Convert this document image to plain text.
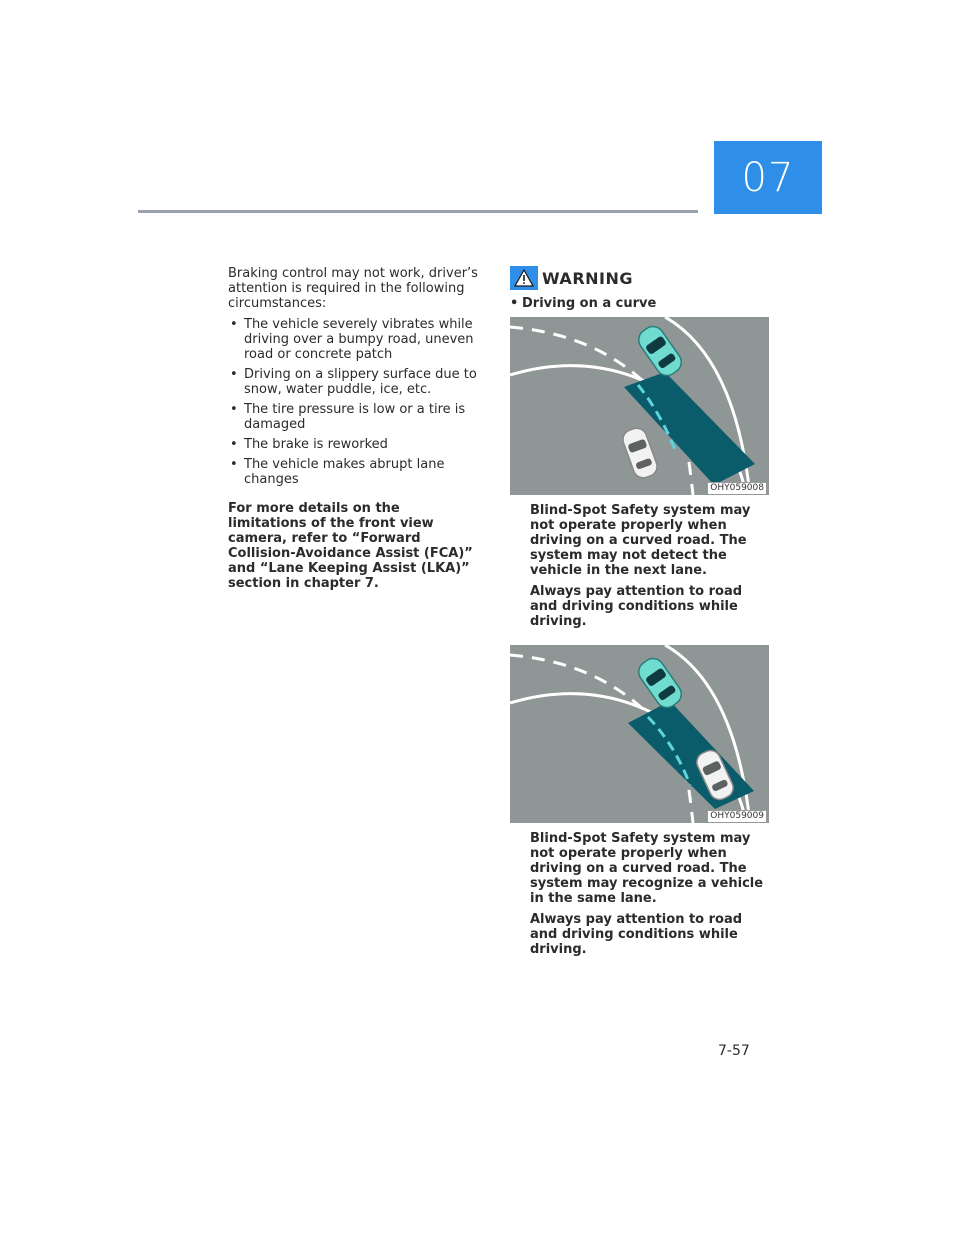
07

Braking control may not work, driver’s attention is required in the following circumstances:

• The vehicle severely vibrates while driving over a bumpy road, uneven road or concrete patch
• Driving on a slippery surface due to snow, water puddle, ice, etc.
• The tire pressure is low or a tire is damaged
• The brake is reworked
• The vehicle makes abrupt lane changes

For more details on the limitations of the front view camera, refer to “Forward Collision-Avoidance Assist (FCA)” and “Lane Keeping Assist (LKA)” section in chapter 7.

WARNING
• Driving on a curve
OHY059008

Blind-Spot Safety system may not operate properly when driving on a curved road. The system may not detect the vehicle in the next lane.

Always pay attention to road and driving conditions while driving.

OHY059009

Blind-Spot Safety system may not operate properly when driving on a curved road. The system may recognize a vehicle in the same lane.

Always pay attention to road and driving conditions while driving.

7-57
